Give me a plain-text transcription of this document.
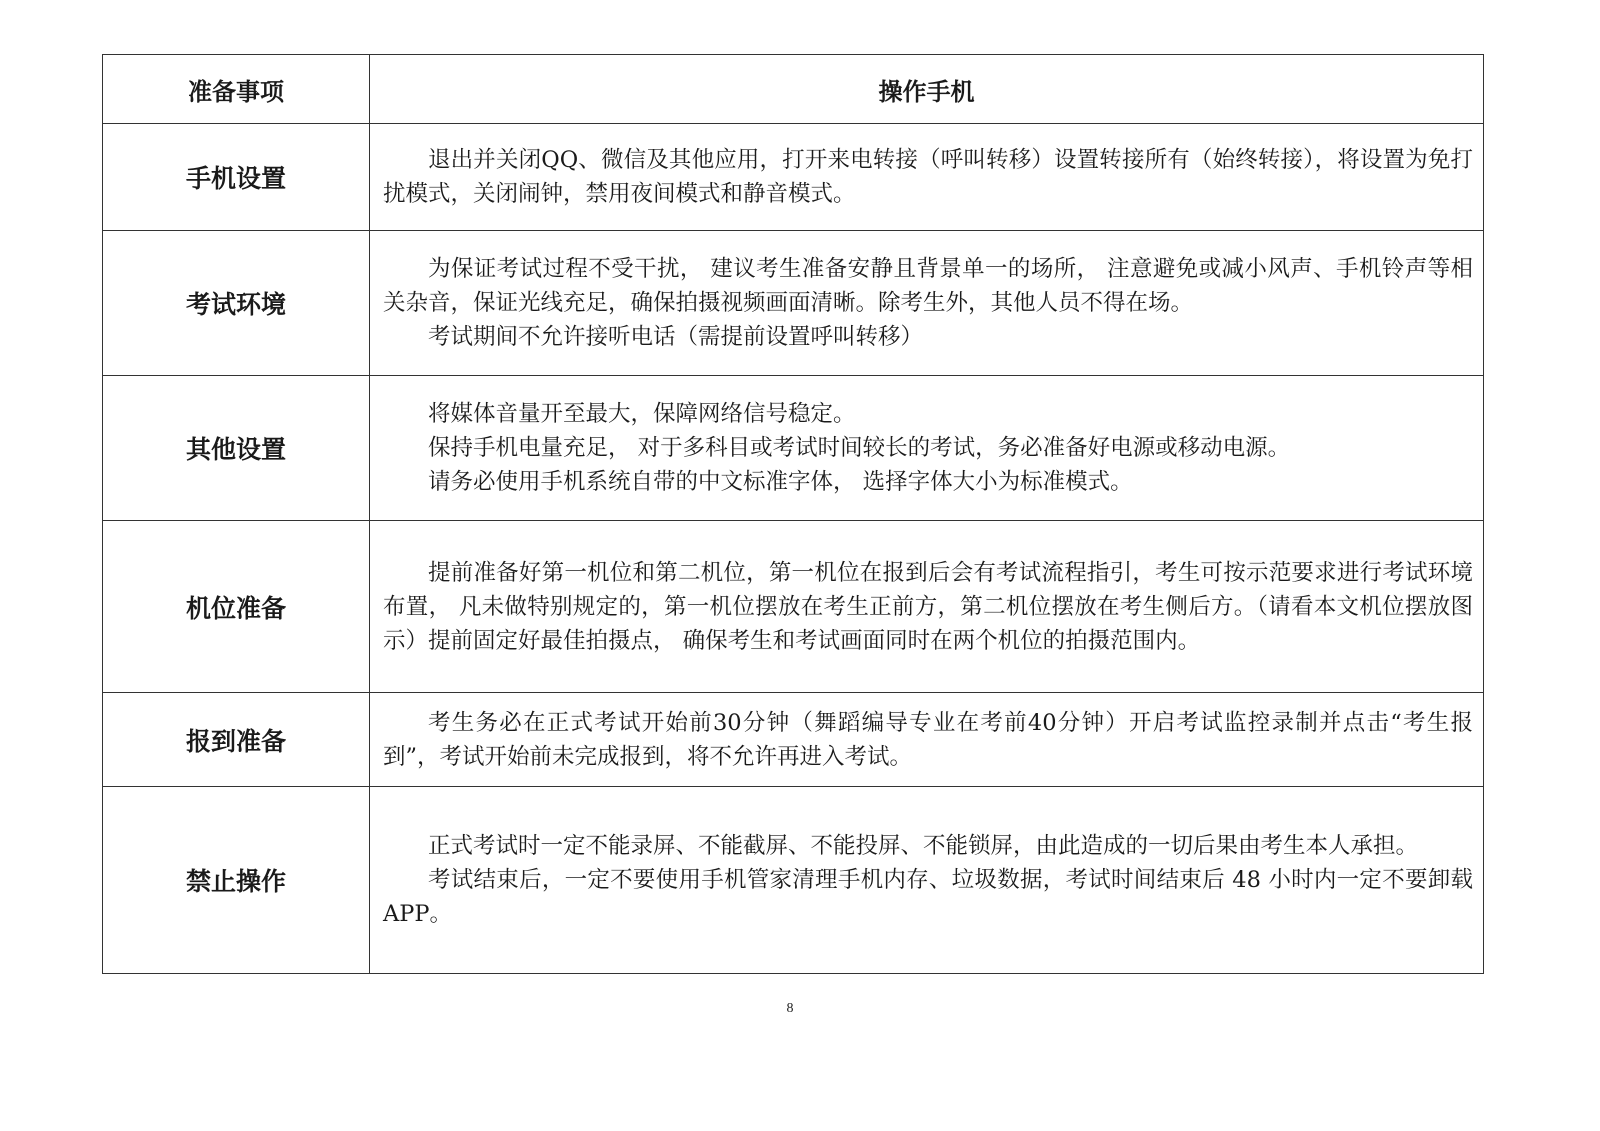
准备事项	操作手机
手机设置	退出并关闭QQ、微信及其他应用，打开来电转接（呼叫转移）设置转接所有（始终转接），将设置为免打扰模式，关闭闹钟，禁用夜间模式和静音模式。

考试环境	为保证考试过程不受干扰， 建议考生准备安静且背景单一的场所， 注意避免或减小风声、手机铃声等相关杂音，保证光线充足，确保拍摄视频画面清晰。除考生外，其他人员不得在场。

考试期间不允许接听电话（需提前设置呼叫转移）

其他设置	将媒体音量开至最大，保障网络信号稳定。

保持手机电量充足， 对于多科目或考试时间较长的考试，务必准备好电源或移动电源。

请务必使用手机系统自带的中文标准字体， 选择字体大小为标准模式。

机位准备	提前准备好第一机位和第二机位，第一机位在报到后会有考试流程指引，考生可按示范要求进行考试环境布置， 凡未做特别规定的，第一机位摆放在考生正前方，第二机位摆放在考生侧后方。（请看本文机位摆放图示）提前固定好最佳拍摄点， 确保考生和考试画面同时在两个机位的拍摄范围内。

报到准备	考生务必在正式考试开始前30分钟（舞蹈编导专业在考前40分钟）开启考试监控录制并点击“考生报到”，考试开始前未完成报到，将不允许再进入考试。

禁止操作	正式考试时一定不能录屏、不能截屏、不能投屏、不能锁屏，由此造成的一切后果由考生本人承担。

考试结束后，一定不要使用手机管家清理手机内存、垃圾数据，考试时间结束后 48 小时内一定不要卸载APP。

8
